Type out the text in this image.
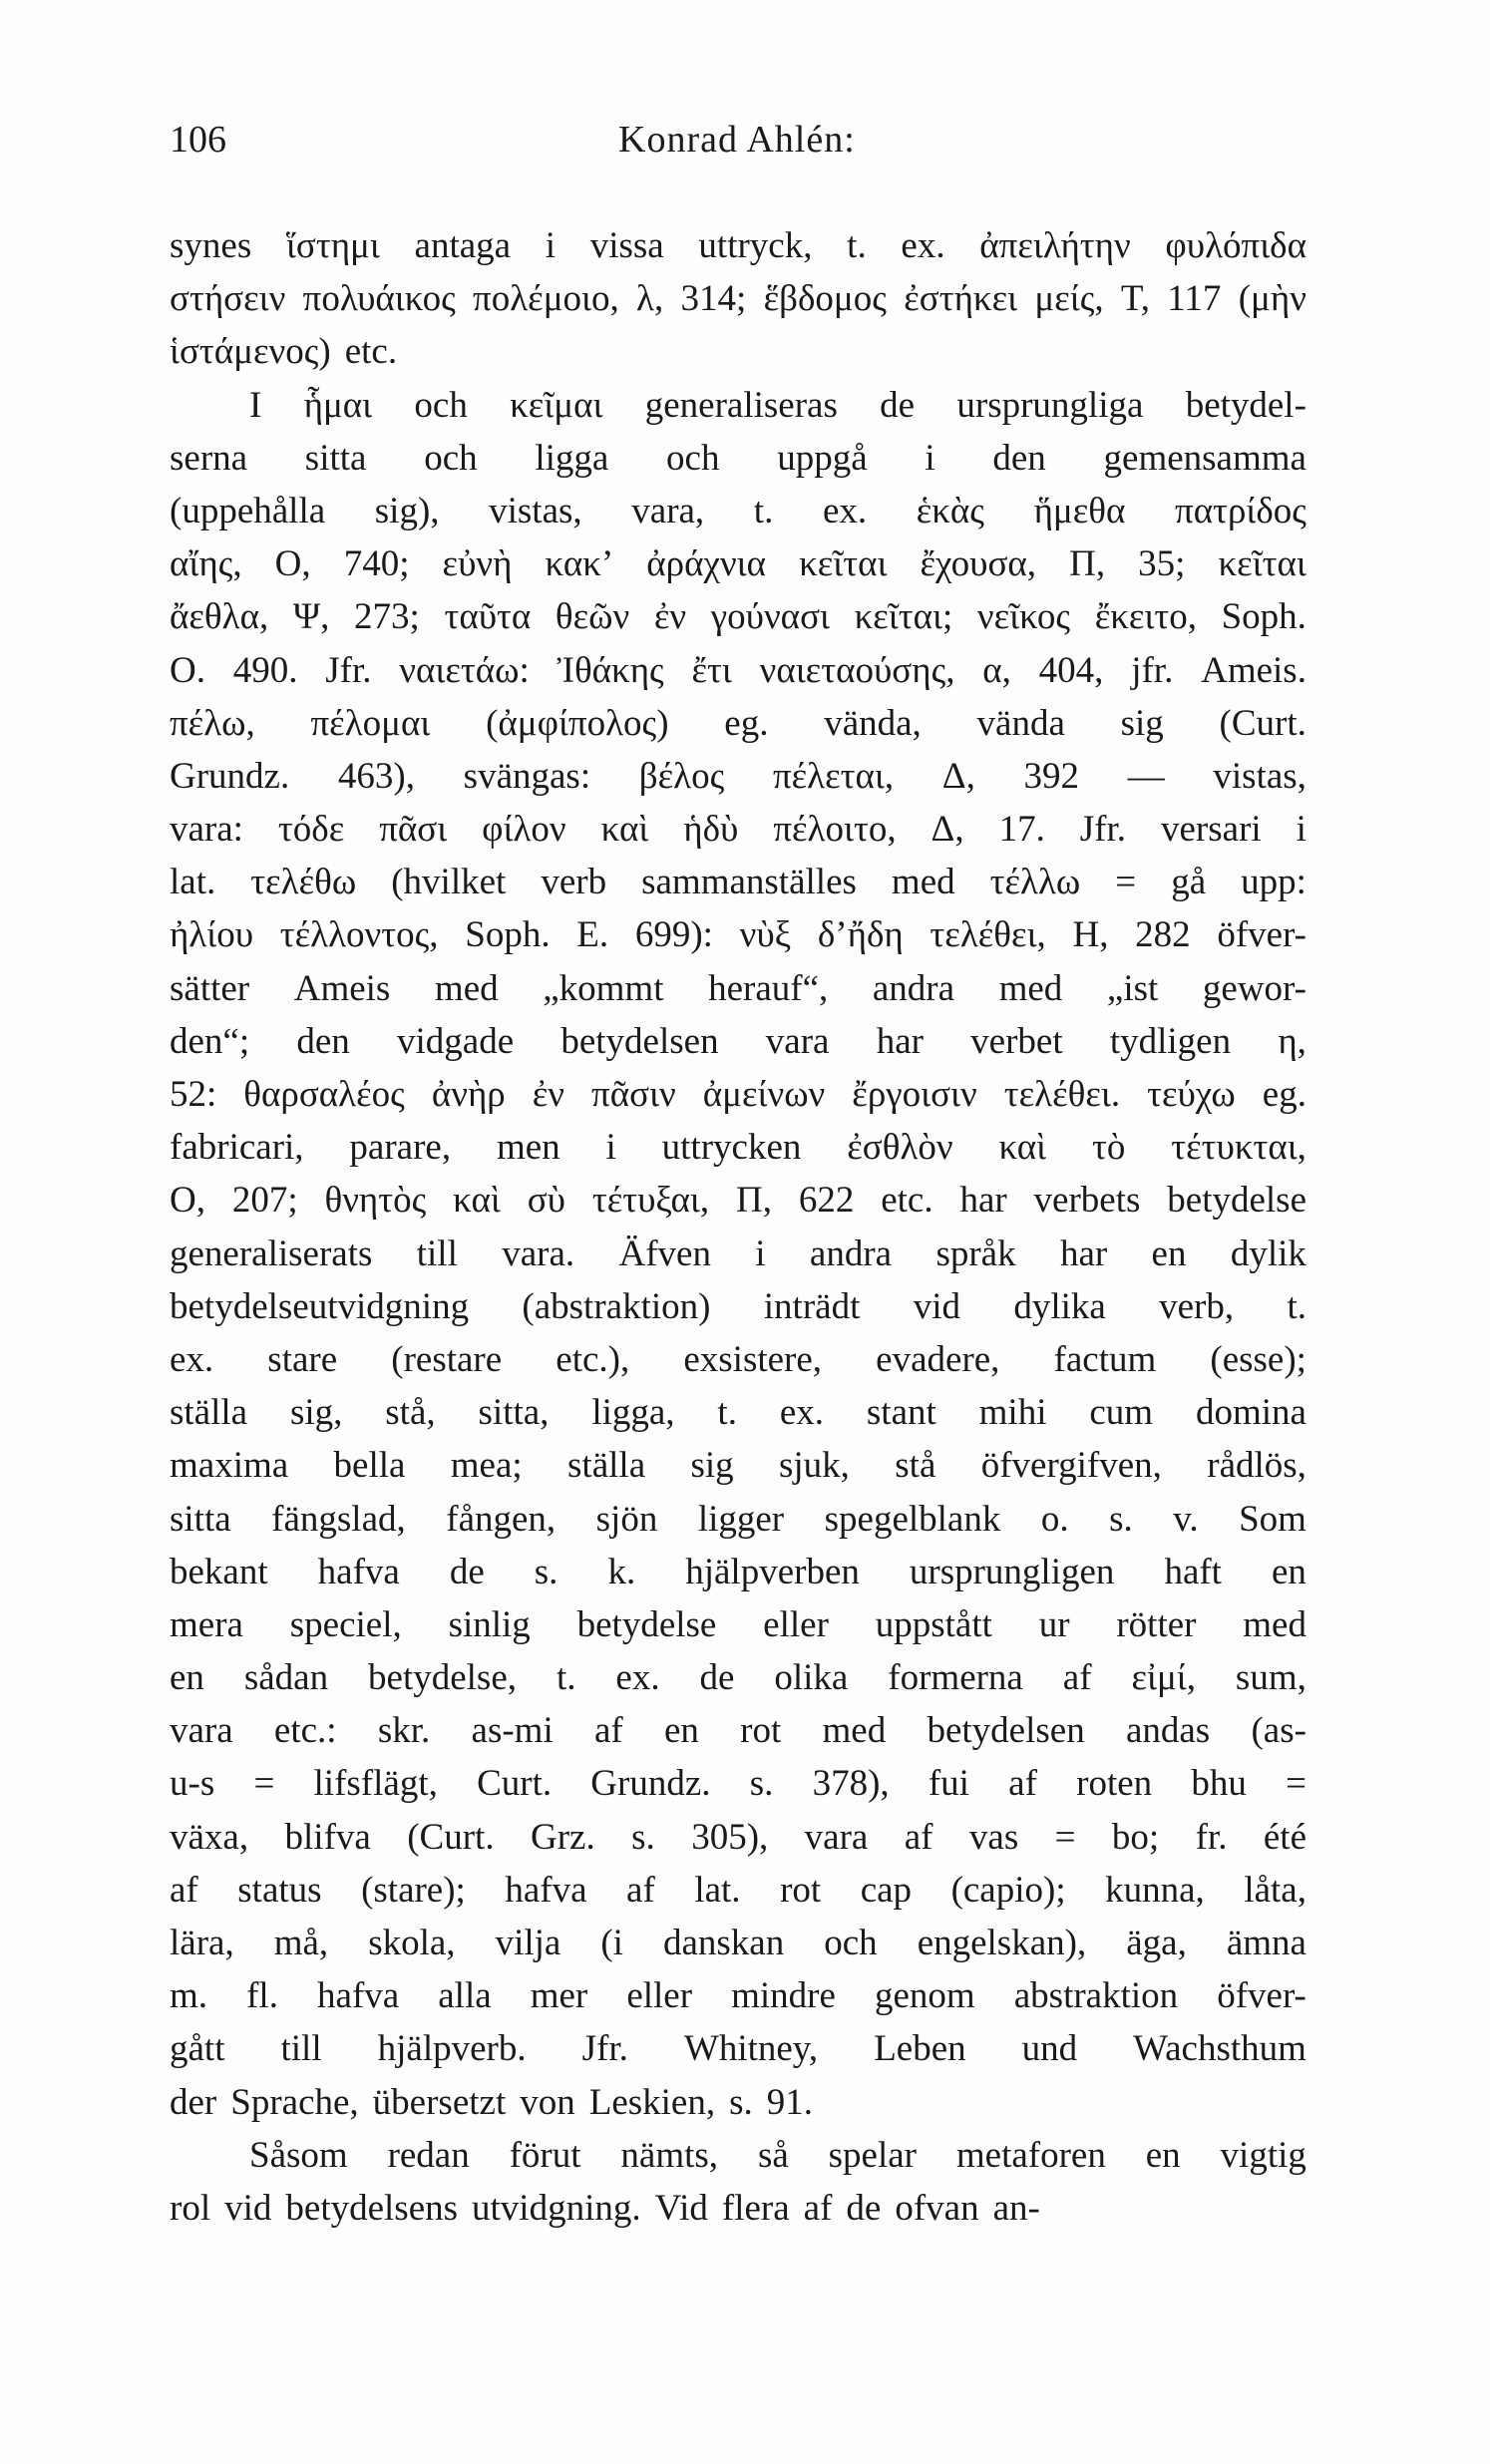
106	Konrad Ahlén:
synes ἵστημι antaga i vissa uttryck, t. ex. ἀπειλήτην φυλόπιδα
στήσειν πολυάικος πολέμοιο, λ, 314; ἕβδομος ἐστήκει μείς, T, 117 (μὴν
ἱστάμενος) etc.
I ἧμαι och κεῖμαι generaliseras de ursprungliga betydel-
serna sitta och ligga och uppgå i den gemensamma
(uppehålla sig), vistas, vara, t. ex. ἑκὰς ἥμεθα πατρίδος
αἴης, O, 740; εὐνὴ κακ’ ἀράχνια κεῖται ἔχουσα, Π, 35; κεῖται
ἄεθλα, Ψ, 273; ταῦτα θεῶν ἐν γούνασι κεῖται; νεῖκος ἔκειτο, Soph.
O. 490. Jfr. ναιετάω: Ἰθάκης ἔτι ναιεταούσης, α, 404, jfr. Ameis.
πέλω, πέλομαι (ἀμφίπολος) eg. vända, vända sig (Curt.
Grundz. 463), svängas: βέλος πέλεται, Δ, 392 — vistas,
vara: τόδε πᾶσι φίλον καὶ ἡδὺ πέλοιτο, Δ, 17. Jfr. versari i
lat. τελέθω (hvilket verb sammanställes med τέλλω = gå upp:
ἠλίου τέλλοντος, Soph. E. 699): νὺξ δ’ἤδη τελέθει, H, 282 öfver-
sätter Ameis med „kommt herauf“, andra med „ist gewor-
den“; den vidgade betydelsen vara har verbet tydligen η,
52: θαρσαλέος ἀνὴρ ἐν πᾶσιν ἀμείνων ἔργοισιν τελέθει. τεύχω eg.
fabricari, parare, men i uttrycken ἐσθλὸν καὶ τὸ τέτυκται,
O, 207; θνητὸς καὶ σὺ τέτυξαι, Π, 622 etc. har verbets betydelse
generaliserats till vara. Äfven i andra språk har en dylik
betydelseutvidgning (abstraktion) inträdt vid dylika verb, t.
ex. stare (restare etc.), exsistere, evadere, factum (esse);
ställa sig, stå, sitta, ligga, t. ex. stant mihi cum domina
maxima bella mea; ställa sig sjuk, stå öfvergifven, rådlös,
sitta fängslad, fången, sjön ligger spegelblank o. s. v. Som
bekant hafva de s. k. hjälpverben ursprungligen haft en
mera speciel, sinlig betydelse eller uppstått ur rötter med
en sådan betydelse, t. ex. de olika formerna af εἰμί, sum,
vara etc.: skr. as-mi af en rot med betydelsen andas (as-
u-s = lifsflägt, Curt. Grundz. s. 378), fui af roten bhu =
växa, blifva (Curt. Grz. s. 305), vara af vas = bo; fr. été
af status (stare); hafva af lat. rot cap (capio); kunna, låta,
lära, må, skola, vilja (i danskan och engelskan), äga, ämna
m. fl. hafva alla mer eller mindre genom abstraktion öfver-
gått till hjälpverb. Jfr. Whitney, Leben und Wachsthum
der Sprache, übersetzt von Leskien, s. 91.
Såsom redan förut nämts, så spelar metaforen en vigtig
rol vid betydelsens utvidgning. Vid flera af de ofvan an-
